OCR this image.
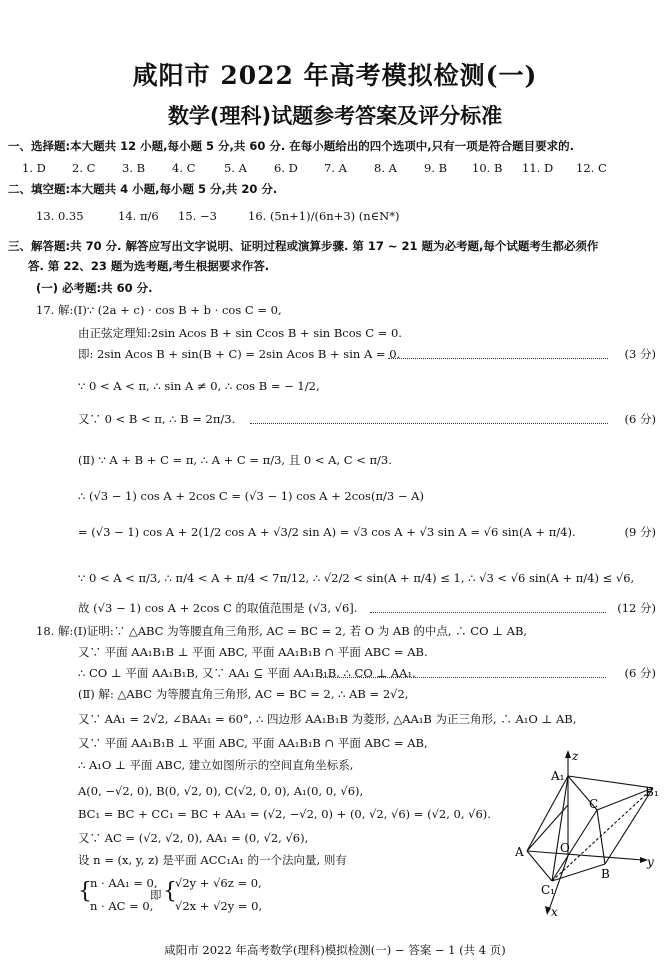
咸阳市 2022 年高考模拟检测(一)
数学(理科)试题参考答案及评分标准
一、选择题:本大题共 12 小题,每小题 5 分,共 60 分. 在每小题给出的四个选项中,只有一项是符合题目要求的.
1. D 2. C 3. B 4. C 5. A 6. D 7. A 8. A 9. B 10. B 11. D 12. C
二、填空题:本大题共 4 小题,每小题 5 分,共 20 分.
13. 0.35	14. π/6 15. −3	16. (5n+1)/(6n+3) (n∈N*)
三、解答题:共 70 分. 解答应写出文字说明、证明过程或演算步骤. 第 17 ~ 21 题为必考题,每个试题考生都必须作
答. 第 22、23 题为选考题,考生根据要求作答.
(一) 必考题:共 60 分.
17. 解:(Ⅰ)∵ (2a + c) · cos B + b · cos C = 0,
由正弦定理知:2sin Acos B + sin Ccos B + sin Bcos C = 0.
即: 2sin Acos B + sin(B + C) = 2sin Acos B + sin A = 0.	(3 分)
∵ 0 < A < π, ∴ sin A ≠ 0, ∴ cos B = − 1/2,
又∵ 0 < B < π, ∴ B = 2π/3.	(6 分)
(Ⅱ) ∵ A + B + C = π, ∴ A + C = π/3, 且 0 < A, C < π/3.
∴ (√3 − 1) cos A + 2cos C = (√3 − 1) cos A + 2cos(π/3 − A)
= (√3 − 1) cos A + 2(1/2 cos A + √3/2 sin A) = √3 cos A + √3 sin A = √6 sin(A + π/4).	(9 分)
∵ 0 < A < π/3, ∴ π/4 < A + π/4 < 7π/12, ∴ √2/2 < sin(A + π/4) ≤ 1, ∴ √3 < √6 sin(A + π/4) ≤ √6,
故 (√3 − 1) cos A + 2cos C 的取值范围是 (√3, √6].	(12 分)
18. 解:(Ⅰ)证明:∵ △ABC 为等腰直角三角形, AC = BC = 2, 若 O 为 AB 的中点, ∴ CO ⊥ AB,
又∵ 平面 AA₁B₁B ⊥ 平面 ABC, 平面 AA₁B₁B ∩ 平面 ABC = AB.
∴ CO ⊥ 平面 AA₁B₁B, 又∵ AA₁ ⊆ 平面 AA₁B₁B, ∴ CO ⊥ AA₁.	(6 分)
(Ⅱ) 解: △ABC 为等腰直角三角形, AC = BC = 2, ∴ AB = 2√2,
又∵ AA₁ = 2√2, ∠BAA₁ = 60°, ∴ 四边形 AA₁B₁B 为菱形, △AA₁B 为正三角形, ∴ A₁O ⊥ AB,
又∵ 平面 AA₁B₁B ⊥ 平面 ABC, 平面 AA₁B₁B ∩ 平面 ABC = AB,
∴ A₁O ⊥ 平面 ABC, 建立如图所示的空间直角坐标系,
A(0, −√2, 0), B(0, √2, 0), C(√2, 0, 0), A₁(0, 0, √6),
BC₁ = BC + CC₁ = BC + AA₁ = (√2, −√2, 0) + (0, √2, √6) = (√2, 0, √6).
又∵ AC = (√2, √2, 0), AA₁ = (0, √2, √6),
设 n = (x, y, z) 是平面 ACC₁A₁ 的一个法向量, 则有
{
n · AA₁ = 0,
n · AC = 0,
即 {
√2y + √6z = 0,
√2x + √2y = 0,
A₁
z
B₁
C
A	O
y
B
C₁
x
咸阳市 2022 年高考数学(理科)模拟检测(一) − 答案 − 1 (共 4 页)
